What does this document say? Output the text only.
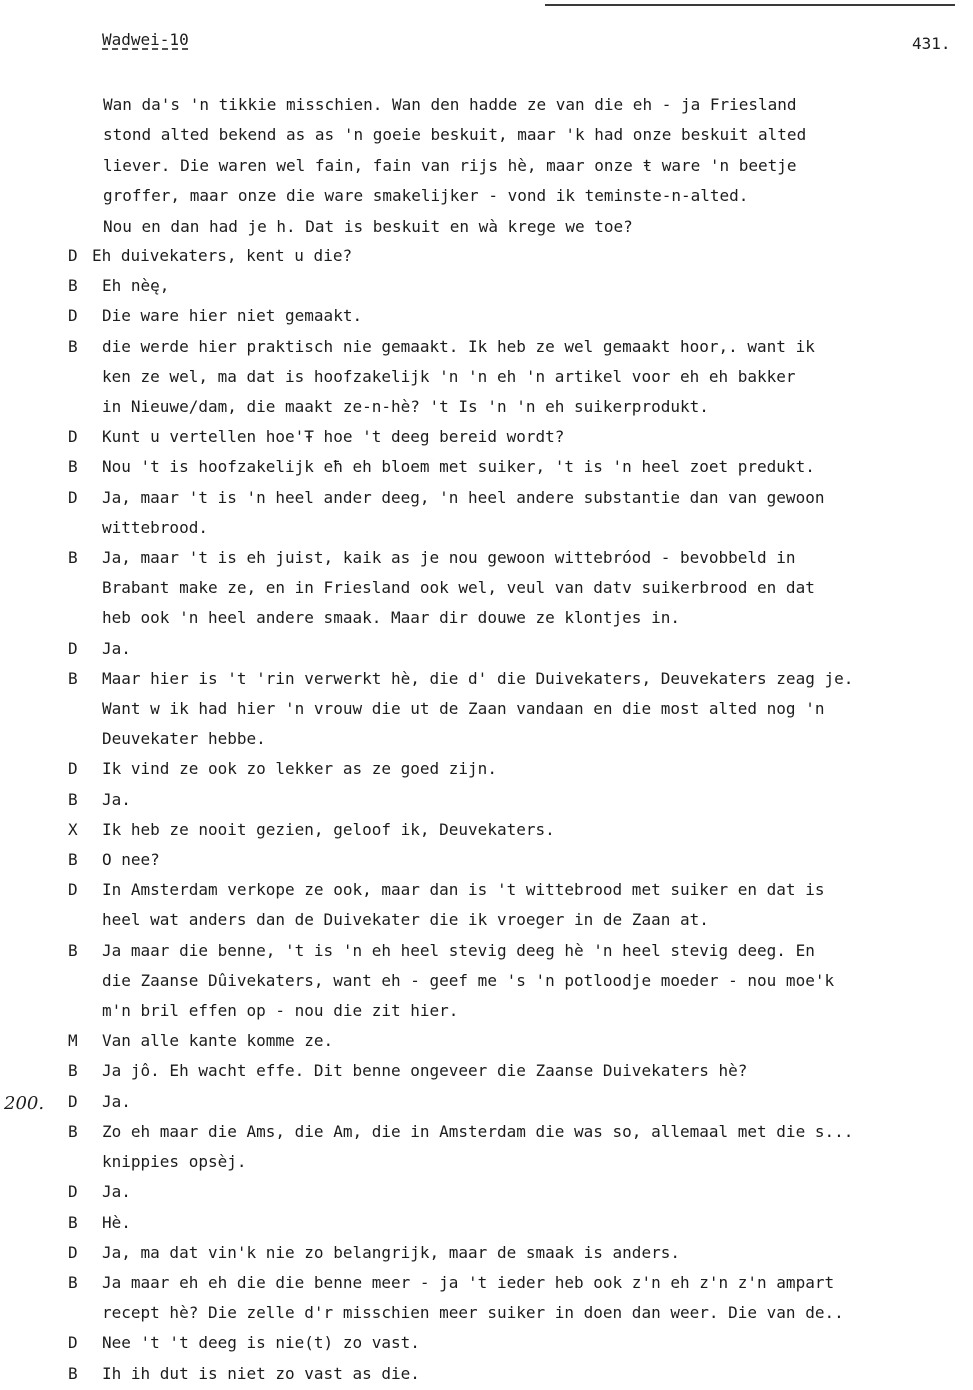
Wadwei-10	431.
Wan da's 'n tikkie misschien. Wan den hadde ze van die eh - ja Friesland
stond alted bekend as as 'n goeie beskuit, maar 'k had onze beskuit alted
liever. Die waren wel fain, fain van rijs hè, maar onze ŧ ware 'n beetje
groffer, maar onze die ware smakelijker - vond ik teminste-n-alted.
Nou en dan had je h. Dat is beskuit en wà krege we toe?
D Eh duivekaters, kent u die?
B	Eh nèę,
D	Die ware hier niet gemaakt.
B	die werde hier praktisch nie gemaakt. Ik heb ze wel gemaakt hoor,. want ik
ken ze wel, ma dat is hoofzakelijk 'n 'n eh 'n artikel voor eh eh bakker
in Nieuwe/dam, die maakt ze-n-hè? 't Is 'n 'n eh suikerprodukt.
D	Kunt u vertellen hoe'Ŧ hoe 't deeg bereid wordt?
B	Nou 't is hoofzakelijk eħ eh bloem met suiker, 't is 'n heel zoet predukt.
D	Ja, maar 't is 'n heel ander deeg, 'n heel andere substantie dan van gewoon
wittebrood.
B	Ja, maar 't is eh juist, kaik as je nou gewoon wittebróod - bevobbeld in
Brabant make ze, en in Friesland ook wel, veul van datv suikerbrood en dat
heb ook 'n heel andere smaak. Maar dir douwe ze klontjes in.
D	Ja.
B	Maar hier is 't 'rin verwerkt hè, die d' die Duivekaters, Deuvekaters zeag je.
Want w ik had hier 'n vrouw die ut de Zaan vandaan en die most alted nog 'n
Deuvekater hebbe.
D	Ik vind ze ook zo lekker as ze goed zijn.
B	Ja.
X	Ik heb ze nooit gezien, geloof ik, Deuvekaters.
B	O nee?
D	In Amsterdam verkope ze ook, maar dan is 't wittebrood met suiker en dat is
heel wat anders dan de Duivekater die ik vroeger in de Zaan at.
B	Ja maar die benne, 't is 'n eh heel stevig deeg hè 'n heel stevig deeg. En
die Zaanse Dûivekaters, want eh - geef me 's 'n potloodje moeder - nou moe'k
m'n bril effen op - nou die zit hier.
M	Van alle kante komme ze.
B	Ja jô. Eh wacht effe. Dit benne ongeveer die Zaanse Duivekaters hè?
D	Ja.
B	Zo eh maar die Ams, die Am, die in Amsterdam die was so, allemaal met die s...
knippies opsèj.
D	Ja.
B	Hè.
D	Ja, ma dat vin'k nie zo belangrijk, maar de smaak is anders.
B	Ja maar eh eh die die benne meer - ja 't ieder heb ook z'n eh z'n z'n ampart
recept hè? Die zelle d'r misschien meer suiker in doen dan weer. Die van de..
D	Nee 't 't deeg is nie(t) zo vast.
B	Ih ih dut is niet zo vast as die.
200.
